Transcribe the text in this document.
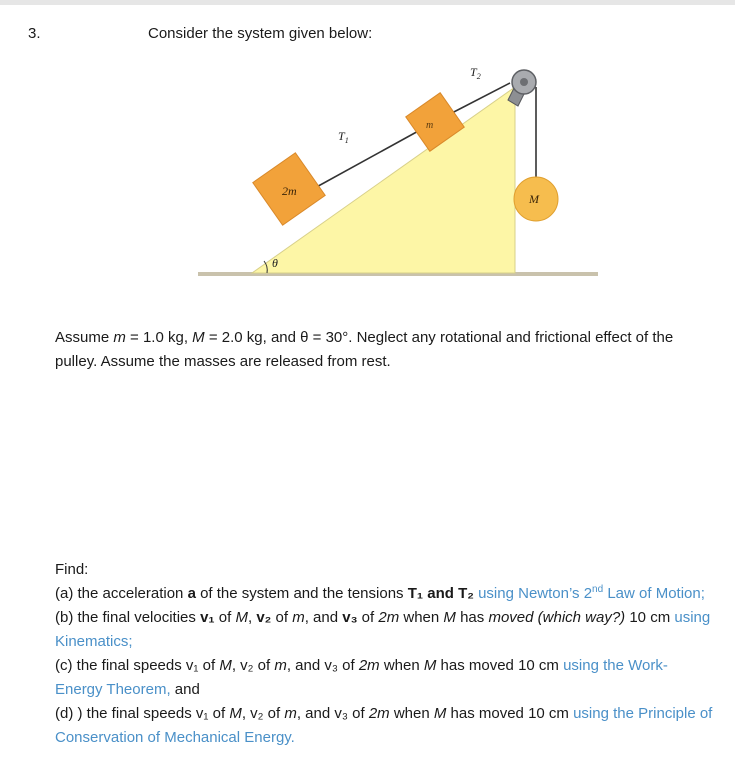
3.	Consider the system given below:
$T_2$
m
$T_1$
2m
M
θ
Assume m = 1.0 kg, M = 2.0 kg, and θ = 30°. Neglect any rotational and frictional effect of the pulley. Assume the masses are released from rest.
Find:
(a) the acceleration a of the system and the tensions T₁ and T₂ using Newton’s 2nd Law of Motion;
(b) the final velocities v₁ of M, v₂ of m, and v₃ of 2m when M has moved (which way?) 10 cm using Kinematics;
(c) the final speeds v₁ of M, v₂ of m, and v₃ of 2m when M has moved 10 cm using the Work- Energy Theorem, and
(d) ) the final speeds v₁ of M, v₂ of m, and v₃ of 2m when M has moved 10 cm using the Principle of Conservation of Mechanical Energy.
